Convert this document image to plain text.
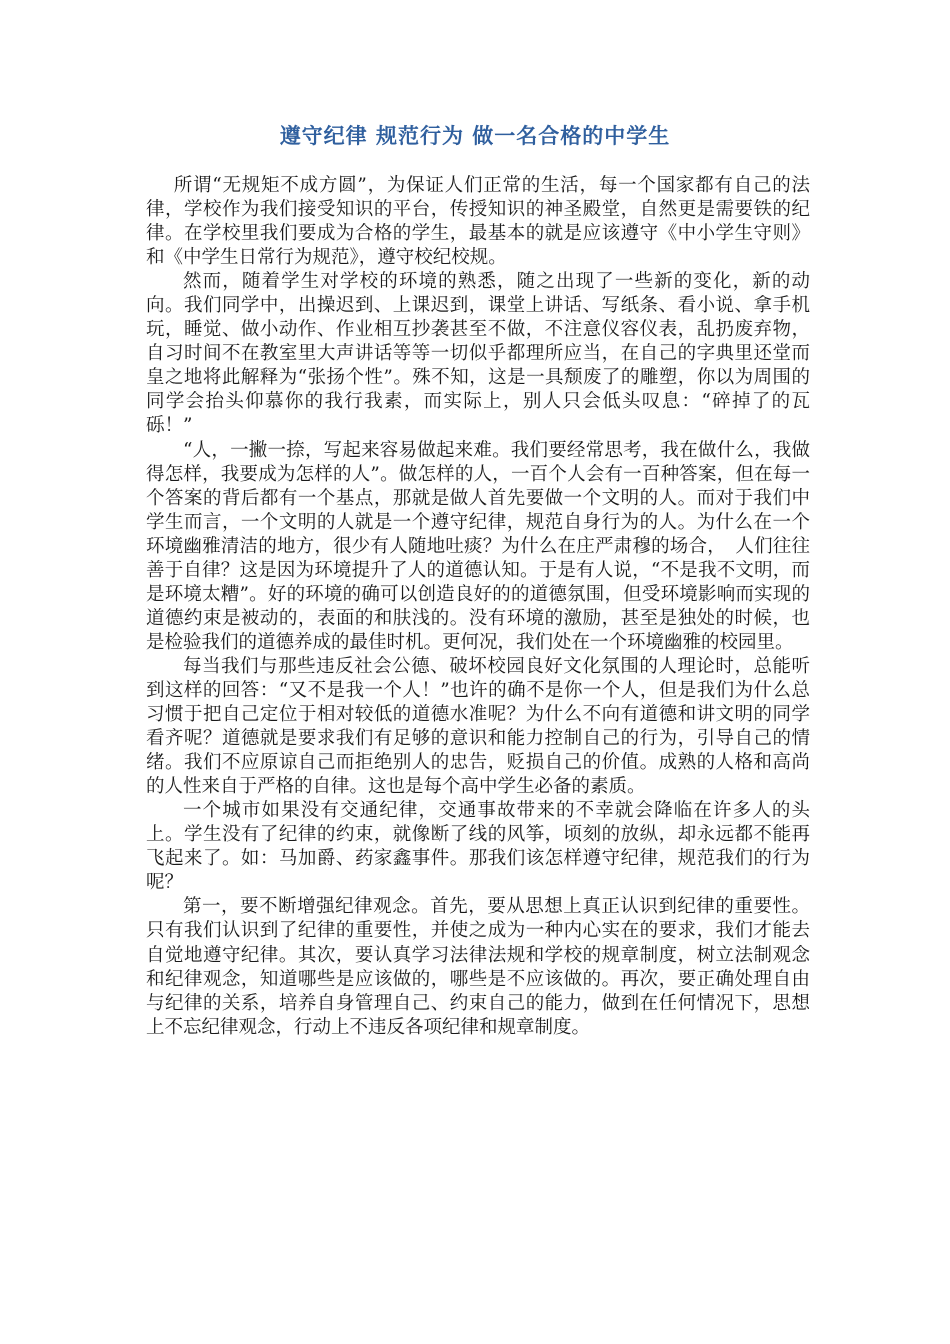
遵守纪律 规范行为 做一名合格的中学生

所谓“无规矩不成方圆”，为保证人们正常的生活，每一个国家都有自己的法律，学校作为我们接受知识的平台，传授知识的神圣殿堂，自然更是需要铁的纪律。在学校里我们要成为合格的学生，最基本的就是应该遵守《中小学生守则》和《中学生日常行为规范》，遵守校纪校规。

然而，随着学生对学校的环境的熟悉，随之出现了一些新的变化，新的动向。我们同学中，出操迟到、上课迟到，课堂上讲话、写纸条、看小说、拿手机玩，睡觉、做小动作、作业相互抄袭甚至不做，不注意仪容仪表，乱扔废弃物，自习时间不在教室里大声讲话等等一切似乎都理所应当，在自己的字典里还堂而皇之地将此解释为“张扬个性”。殊不知，这是一具颓废了的雕塑，你以为周围的同学会抬头仰慕你的我行我素，而实际上，别人只会低头叹息：“碎掉了的瓦砾！”

“人，一撇一捺，写起来容易做起来难。我们要经常思考，我在做什么，我做得怎样，我要成为怎样的人”。做怎样的人，一百个人会有一百种答案，但在每一个答案的背后都有一个基点，那就是做人首先要做一个文明的人。而对于我们中学生而言，一个文明的人就是一个遵守纪律，规范自身行为的人。为什么在一个环境幽雅清洁的地方，很少有人随地吐痰？为什么在庄严肃穆的场合，　人们往往善于自律？这是因为环境提升了人的道德认知。于是有人说，“不是我不文明，而是环境太糟”。好的环境的确可以创造良好的的道德氛围，但受环境影响而实现的道德约束是被动的，表面的和肤浅的。没有环境的激励，甚至是独处的时候，也是检验我们的道德养成的最佳时机。更何况，我们处在一个环境幽雅的校园里。

每当我们与那些违反社会公德、破坏校园良好文化氛围的人理论时，总能听到这样的回答：“又不是我一个人！”也许的确不是你一个人，但是我们为什么总习惯于把自己定位于相对较低的道德水准呢？为什么不向有道德和讲文明的同学看齐呢？道德就是要求我们有足够的意识和能力控制自己的行为，引导自己的情绪。我们不应原谅自己而拒绝别人的忠告，贬损自己的价值。成熟的人格和高尚的人性来自于严格的自律。这也是每个高中学生必备的素质。

一个城市如果没有交通纪律，交通事故带来的不幸就会降临在许多人的头上。学生没有了纪律的约束，就像断了线的风筝，顷刻的放纵，却永远都不能再飞起来了。如：马加爵、药家鑫事件。那我们该怎样遵守纪律，规范我们的行为呢？

第一，要不断增强纪律观念。首先，要从思想上真正认识到纪律的重要性。只有我们认识到了纪律的重要性，并使之成为一种内心实在的要求，我们才能去自觉地遵守纪律。其次，要认真学习法律法规和学校的规章制度，树立法制观念和纪律观念，知道哪些是应该做的，哪些是不应该做的。再次，要正确处理自由与纪律的关系，培养自身管理自己、约束自己的能力，做到在任何情况下，思想上不忘纪律观念，行动上不违反各项纪律和规章制度。
